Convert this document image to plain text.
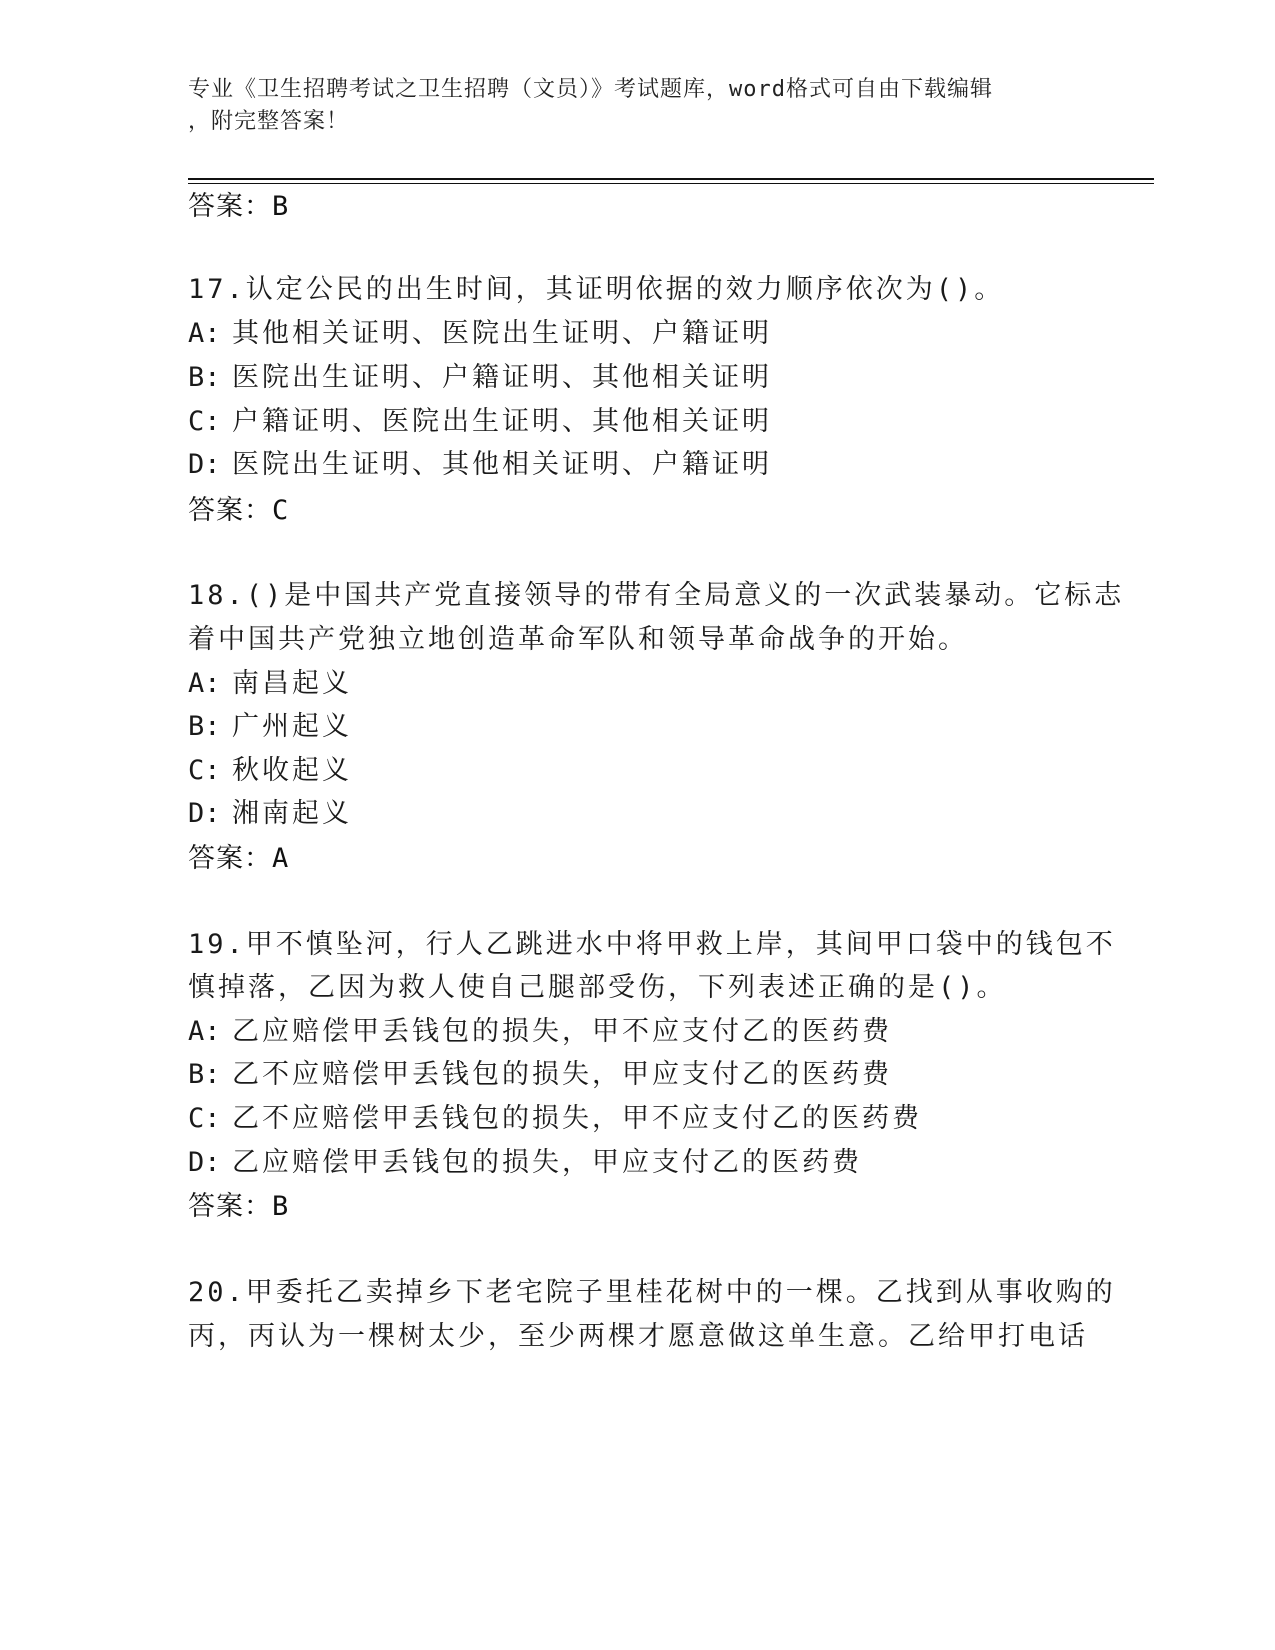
专业《卫生招聘考试之卫生招聘（文员）》考试题库，word格式可自由下载编辑
，附完整答案！
答案：B
17.认定公民的出生时间，其证明依据的效力顺序依次为()。
A: 其他相关证明、医院出生证明、户籍证明
B: 医院出生证明、户籍证明、其他相关证明
C: 户籍证明、医院出生证明、其他相关证明
D: 医院出生证明、其他相关证明、户籍证明
答案：C
18.()是中国共产党直接领导的带有全局意义的一次武装暴动。它标志
着中国共产党独立地创造革命军队和领导革命战争的开始。
A: 南昌起义
B: 广州起义
C: 秋收起义
D: 湘南起义
答案：A
19.甲不慎坠河，行人乙跳进水中将甲救上岸，其间甲口袋中的钱包不
慎掉落，乙因为救人使自己腿部受伤，下列表述正确的是()。
A: 乙应赔偿甲丢钱包的损失，甲不应支付乙的医药费
B: 乙不应赔偿甲丢钱包的损失，甲应支付乙的医药费
C: 乙不应赔偿甲丢钱包的损失，甲不应支付乙的医药费
D: 乙应赔偿甲丢钱包的损失，甲应支付乙的医药费
答案：B
20.甲委托乙卖掉乡下老宅院子里桂花树中的一棵。乙找到从事收购的
丙，丙认为一棵树太少，至少两棵才愿意做这单生意。乙给甲打电话
